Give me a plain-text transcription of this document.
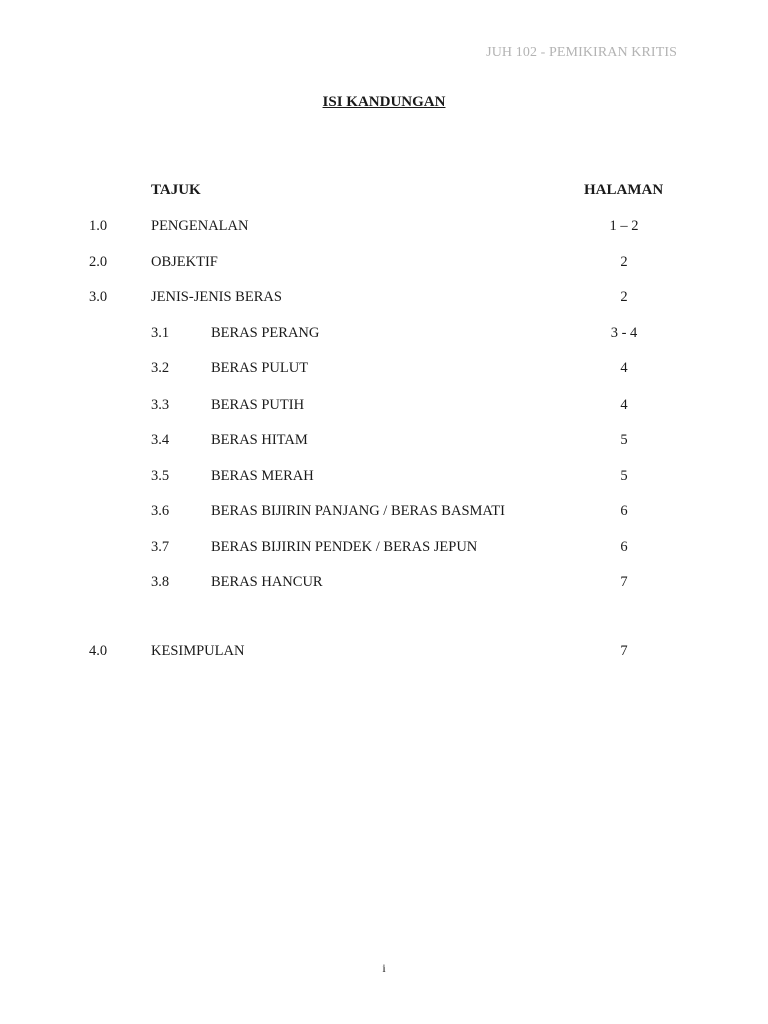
JUH 102 - PEMIKIRAN KRITIS
ISI KANDUNGAN
TAJUK	HALAMAN
1.0	PENGENALAN	1 – 2
2.0	OBJEKTIF	2
3.0	JENIS-JENIS BERAS	2
3.1	BERAS PERANG	3 - 4
3.2	BERAS PULUT	4
3.3	BERAS PUTIH	4
3.4	BERAS HITAM	5
3.5	BERAS MERAH	5
3.6	BERAS BIJIRIN PANJANG / BERAS BASMATI	6
3.7	BERAS BIJIRIN PENDEK / BERAS JEPUN	6
3.8	BERAS HANCUR	7
4.0	KESIMPULAN	7
i
